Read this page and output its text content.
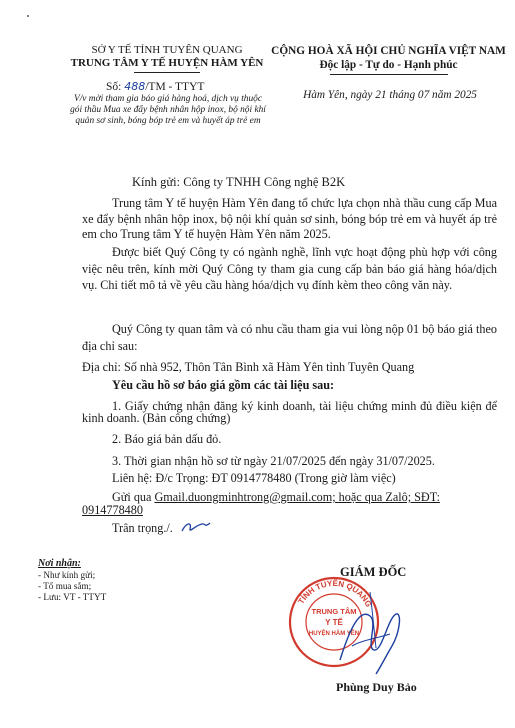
SỞ Y TẾ TỈNH TUYÊN QUANG
TRUNG TÂM Y TẾ HUYỆN HÀM YÊN
Số: 488/TM - TTYT
V/v mời tham gia báo giá hàng hoá, dịch vụ thuộc
gói thầu Mua xe đẩy bệnh nhân hộp inox, bộ nội khí
quản sơ sinh, bóng bóp trẻ em và huyết áp trẻ em
CỘNG HOÀ XÃ HỘI CHỦ NGHĨA VIỆT NAM
Độc lập - Tự do - Hạnh phúc
Hàm Yên, ngày 21 tháng 07 năm 2025
Kính gửi: Công ty TNHH Công nghệ B2K
Trung tâm Y tế huyện Hàm Yên đang tổ chức lựa chọn nhà thầu cung cấp Mua xe đẩy bệnh nhân hộp inox, bộ nội khí quản sơ sinh, bóng bóp trẻ em và huyết áp trẻ em cho Trung tâm Y tế huyện Hàm Yên năm 2025.
Được biết Quý Công ty có ngành nghề, lĩnh vực hoạt động phù hợp với công việc nêu trên, kính mời Quý Công ty tham gia cung cấp bản báo giá hàng hóa/dịch vụ. Chi tiết mô tả về yêu cầu hàng hóa/dịch vụ đính kèm theo công văn này.
Quý Công ty quan tâm và có nhu cầu tham gia vui lòng nộp 01 bộ báo giá theo địa chỉ sau:
Địa chỉ: Số nhà 952, Thôn Tân Bình xã Hàm Yên tỉnh Tuyên Quang
Yêu cầu hồ sơ báo giá gồm các tài liệu sau:
1. Giấy chứng nhận đăng ký kinh doanh, tài liệu chứng minh đủ điều kiện để kinh doanh. (Bản công chứng)
2. Báo giá bản dấu đỏ.
3. Thời gian nhận hồ sơ từ ngày 21/07/2025 đến ngày 31/07/2025.
Liên hệ: Đ/c Trọng: ĐT 0914778480 (Trong giờ làm việc)
Gửi qua Gmail.duongminhtrong@gmail.com; hoặc qua Zalô; SĐT:
0914778480
Trân trọng./.
Nơi nhận:
- Như kính gửi;
- Tổ mua sắm;
- Lưu: VT - TTYT
GIÁM ĐỐC
TỈNH TUYÊN QUANG
TRUNG TÂM
Y TẾ
HUYỆN HÀM YÊN
Phùng Duy Bảo
